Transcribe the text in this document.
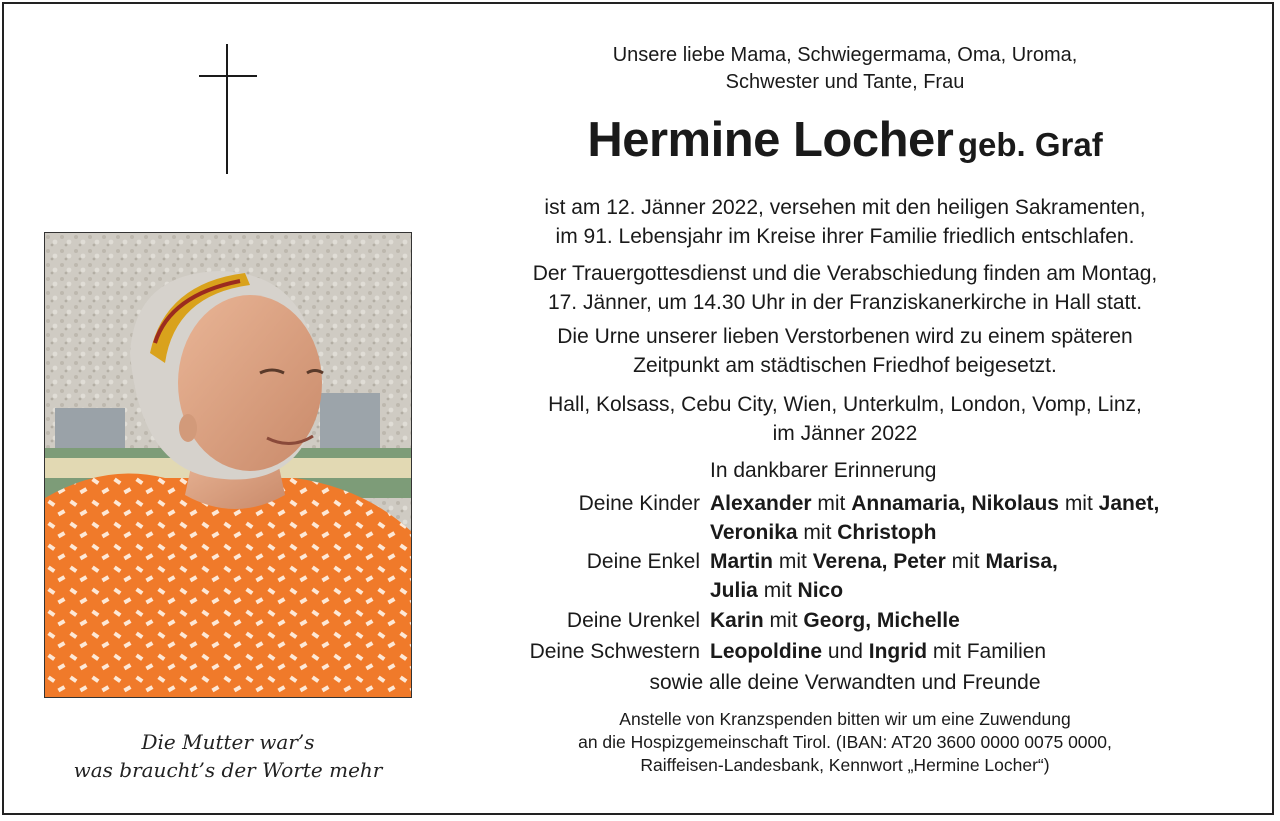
Die Mutter war’s
was braucht’s der Worte mehr
Unsere liebe Mama, Schwiegermama, Oma, Uroma,
Schwester und Tante, Frau
Hermine Locher geb. Graf
ist am 12. Jänner 2022, versehen mit den heiligen Sakramenten,
im 91. Lebensjahr im Kreise ihrer Familie friedlich entschlafen.
Der Trauergottesdienst und die Verabschiedung finden am Montag,
17. Jänner, um 14.30 Uhr in der Franziskanerkirche in Hall statt.
Die Urne unserer lieben Verstorbenen wird zu einem späteren
Zeitpunkt am städtischen Friedhof beigesetzt.
Hall, Kolsass, Cebu City, Wien, Unterkulm, London, Vomp, Linz,
im Jänner 2022
In dankbarer Erinnerung
Deine Kinder Alexander mit Annamaria, Nikolaus mit Janet,
Veronika mit Christoph
Deine Enkel Martin mit Verena, Peter mit Marisa,
Julia mit Nico
Deine Urenkel Karin mit Georg, Michelle
Deine Schwestern Leopoldine und Ingrid mit Familien
sowie alle deine Verwandten und Freunde
Anstelle von Kranzspenden bitten wir um eine Zuwendung
an die Hospizgemeinschaft Tirol. (IBAN: AT20 3600 0000 0075 0000,
Raiffeisen-Landesbank, Kennwort „Hermine Locher“)
